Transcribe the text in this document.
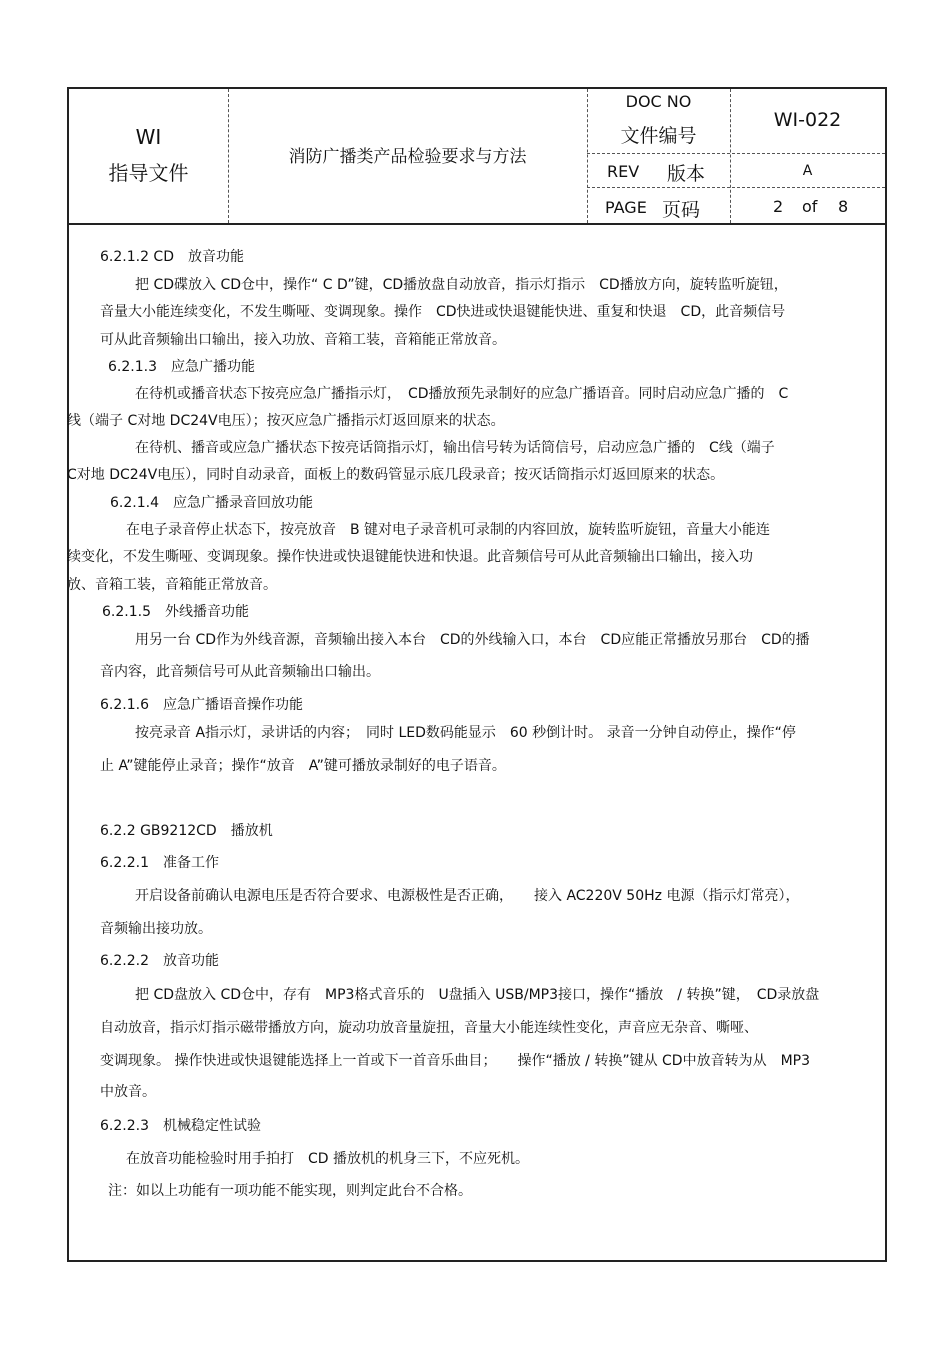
WI
指导文件
消防广播类产品检验要求与方法
DOC NO
文件编号
WI-022
REV 版本	A
PAGE 页码	2 of 8
6.2.1.2 CD　放音功能
把 CD碟放入 CD仓中，操作“ C D”键，CD播放盘自动放音，指示灯指示　CD播放方向，旋转监听旋钮，
音量大小能连续变化，不发生嘶哑、变调现象。操作　CD快进或快退键能快进、重复和快退　CD，此音频信号
可从此音频输出口输出，接入功放、音箱工装，音箱能正常放音。
6.2.1.3　应急广播功能
在待机或播音状态下按亮应急广播指示灯，　CD播放预先录制好的应急广播语音。同时启动应急广播的　C
线（端子 C对地 DC24V电压）；按灭应急广播指示灯返回原来的状态。
在待机、播音或应急广播状态下按亮话筒指示灯，输出信号转为话筒信号，启动应急广播的　C线（端子
C对地 DC24V电压），同时自动录音，面板上的数码管显示底几段录音；按灭话筒指示灯返回原来的状态。
6.2.1.4　应急广播录音回放功能
在电子录音停止状态下，按亮放音　B 键对电子录音机可录制的内容回放，旋转监听旋钮，音量大小能连
续变化，不发生嘶哑、变调现象。操作快进或快退键能快进和快退。此音频信号可从此音频输出口输出，接入功
放、音箱工装，音箱能正常放音。
6.2.1.5　外线播音功能
用另一台 CD作为外线音源，音频输出接入本台　CD的外线输入口，本台　CD应能正常播放另那台　CD的播
音内容，此音频信号可从此音频输出口输出。
6.2.1.6　应急广播语音操作功能
按亮录音 A指示灯，录讲话的内容；　同时 LED数码能显示　60 秒倒计时。 录音一分钟自动停止，操作“停
止 A”键能停止录音；操作“放音　A”键可播放录制好的电子语音。
6.2.2 GB9212CD　播放机
6.2.2.1　准备工作
开启设备前确认电源电压是否符合要求、电源极性是否正确，　　接入 AC220V 50Hz 电源（指示灯常亮），
音频输出接功放。
6.2.2.2　放音功能
把 CD盘放入 CD仓中，存有　MP3格式音乐的　U盘插入 USB/MP3接口，操作“播放　/ 转换”键，　CD录放盘
自动放音，指示灯指示磁带播放方向，旋动功放音量旋扭，音量大小能连续性变化，声音应无杂音、嘶哑、
变调现象。 操作快进或快退键能选择上一首或下一首音乐曲目；　　操作“播放 / 转换”键从 CD中放音转为从　MP3
中放音。
6.2.2.3　机械稳定性试验
在放音功能检验时用手拍打　CD 播放机的机身三下，不应死机。
注：如以上功能有一项功能不能实现，则判定此台不合格。
